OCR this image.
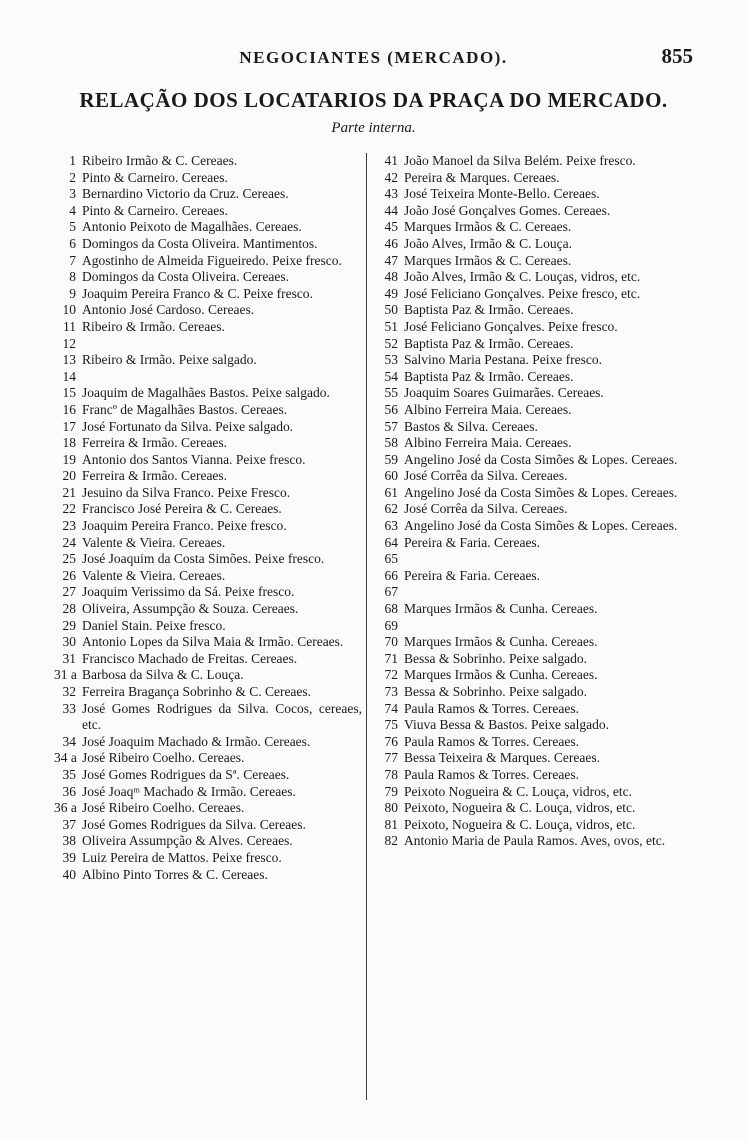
NEGOCIANTES (MERCADO).	855
RELAÇÃO DOS LOCATARIOS DA PRAÇA DO MERCADO.
Parte interna.
1 Ribeiro Irmão & C. Cereaes.
2 Pinto & Carneiro. Cereaes.
3 Bernardino Victorio da Cruz. Cereaes.
4 Pinto & Carneiro. Cereaes.
5 Antonio Peixoto de Magalhães. Cereaes.
6 Domingos da Costa Oliveira. Mantimentos.
7 Agostinho de Almeida Figueiredo. Peixe fresco.
8 Domingos da Costa Oliveira. Cereaes.
9 Joaquim Pereira Franco & C. Peixe fresco.
10 Antonio José Cardoso. Cereaes.
11 Ribeiro & Irmão. Cereaes.
12
13 Ribeiro & Irmão. Peixe salgado.
14
15 Joaquim de Magalhães Bastos. Peixe salgado.
16 Francº de Magalhães Bastos. Cereaes.
17 José Fortunato da Silva. Peixe salgado.
18 Ferreira & Irmão. Cereaes.
19 Antonio dos Santos Vianna. Peixe fresco.
20 Ferreira & Irmão. Cereaes.
21 Jesuino da Silva Franco. Peixe Fresco.
22 Francisco José Pereira & C. Cereaes.
23 Joaquim Pereira Franco. Peixe fresco.
24 Valente & Vieira. Cereaes.
25 José Joaquim da Costa Simões. Peixe fresco.
26 Valente & Vieira. Cereaes.
27 Joaquim Verissimo da Sá. Peixe fresco.
28 Oliveira, Assumpção & Souza. Cereaes.
29 Daniel Stain. Peixe fresco.
30 Antonio Lopes da Silva Maia & Irmão. Cereaes.
31 Francisco Machado de Freitas. Cereaes.
31 a Barbosa da Silva & C. Louça.
32 Ferreira Bragança Sobrinho & C. Cereaes.
33 José Gomes Rodrigues da Silva. Cocos, cereaes, etc.
34 José Joaquim Machado & Irmão. Cereaes.
34 a José Ribeiro Coelho. Cereaes.
35 José Gomes Rodrigues da Sª. Cereaes.
36 José Joaqᵐ Machado & Irmão. Cereaes.
36 a José Ribeiro Coelho. Cereaes.
37 José Gomes Rodrigues da Silva. Cereaes.
38 Oliveira Assumpção & Alves. Cereaes.
39 Luiz Pereira de Mattos. Peixe fresco.
40 Albino Pinto Torres & C. Cereaes.
41 João Manoel da Silva Belém. Peixe fresco.
42 Pereira & Marques. Cereaes.
43 José Teixeira Monte-Bello. Cereaes.
44 João José Gonçalves Gomes. Cereaes.
45 Marques Irmãos & C. Cereaes.
46 João Alves, Irmão & C. Louça.
47 Marques Irmãos & C. Cereaes.
48 João Alves, Irmão & C. Louças, vidros, etc.
49 José Feliciano Gonçalves. Peixe fresco, etc.
50 Baptista Paz & Irmão. Cereaes.
51 José Feliciano Gonçalves. Peixe fresco.
52 Baptista Paz & Irmão. Cereaes.
53 Salvino Maria Pestana. Peixe fresco.
54 Baptista Paz & Irmão. Cereaes.
55 Joaquim Soares Guimarães. Cereaes.
56 Albino Ferreira Maia. Cereaes.
57 Bastos & Silva. Cereaes.
58 Albino Ferreira Maia. Cereaes.
59 Angelino José da Costa Simões & Lopes. Cereaes.
60 José Corrêa da Silva. Cereaes.
61 Angelino José da Costa Simões & Lopes. Cereaes.
62 José Corrêa da Silva. Cereaes.
63 Angelino José da Costa Simões & Lopes. Cereaes.
64 Pereira & Faria. Cereaes.
65
66 Pereira & Faria. Cereaes.
67
68 Marques Irmãos & Cunha. Cereaes.
69
70 Marques Irmãos & Cunha. Cereaes.
71 Bessa & Sobrinho. Peixe salgado.
72 Marques Irmãos & Cunha. Cereaes.
73 Bessa & Sobrinho. Peixe salgado.
74 Paula Ramos & Torres. Cereaes.
75 Viuva Bessa & Bastos. Peixe salgado.
76 Paula Ramos & Torres. Cereaes.
77 Bessa Teixeira & Marques. Cereaes.
78 Paula Ramos & Torres. Cereaes.
79 Peixoto Nogueira & C. Louça, vidros, etc.
80 Peixoto, Nogueira & C. Louça, vidros, etc.
81 Peixoto, Nogueira & C. Louça, vidros, etc.
82 Antonio Maria de Paula Ramos. Aves, ovos, etc.
